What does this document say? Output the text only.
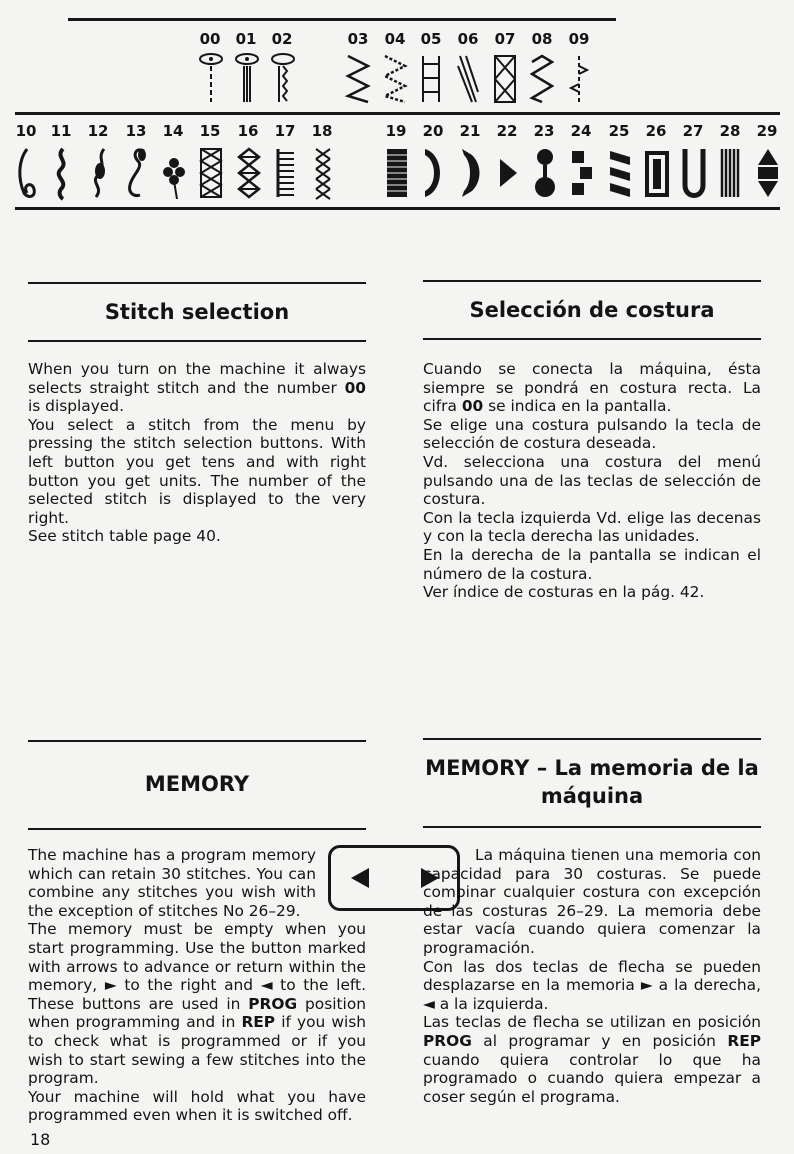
00 01 02	03 04 05 06 07 08 09
10 11 12 13 14 15 16 17 18	19 20 21 22 23 24 25 26 27 28 29
Stitch selection	Selección de costura

When you turn on the machine it always selects straight stitch and the number 00 is displayed.

You select a stitch from the menu by pressing the stitch selection buttons. With left button you get tens and with right button you get units. The number of the selected stitch is displayed to the very right.

See stitch table page 40.

Cuando se conecta la máquina, ésta siempre se pondrá en costura recta. La cifra 00 se indica en la pantalla.

Se elige una costura pulsando la tecla de selección de costura deseada.

Vd. selecciona una costura del menú pulsando una de las teclas de selección de costura.

Con la tecla izquierda Vd. elige las decenas y con la tecla derecha las unidades.

En la derecha de la pantalla se indican el número de la costura.

Ver índice de costuras en la pág. 42.

MEMORY
MEMORY – La memoria de la máquina

The machine has a program memory which can retain 30 stitches. You can combine any stitches you wish with the exception of stitches No 26–29.

The memory must be empty when you start programming. Use the button marked with arrows to advance or return within the memory, ► to the right and ◄ to the left. These buttons are used in PROG position when programming and in REP if you wish to check what is programmed or if you wish to start sewing a few stitches into the program.

Your machine will hold what you have programmed even when it is switched off.

La máquina tienen una memoria con capacidad para 30 costuras. Se puede combinar cualquier costura con excepción de las costuras 26–29. La memoria debe estar vacía cuando quiera comenzar la programación.

Con las dos teclas de flecha se pueden desplazarse en la memoria ► a la derecha, ◄ a la izquierda.

Las teclas de flecha se utilizan en posición PROG al programar y en posición REP cuando quiera controlar lo que ha programado o cuando quiera empezar a coser según el programa.

18
